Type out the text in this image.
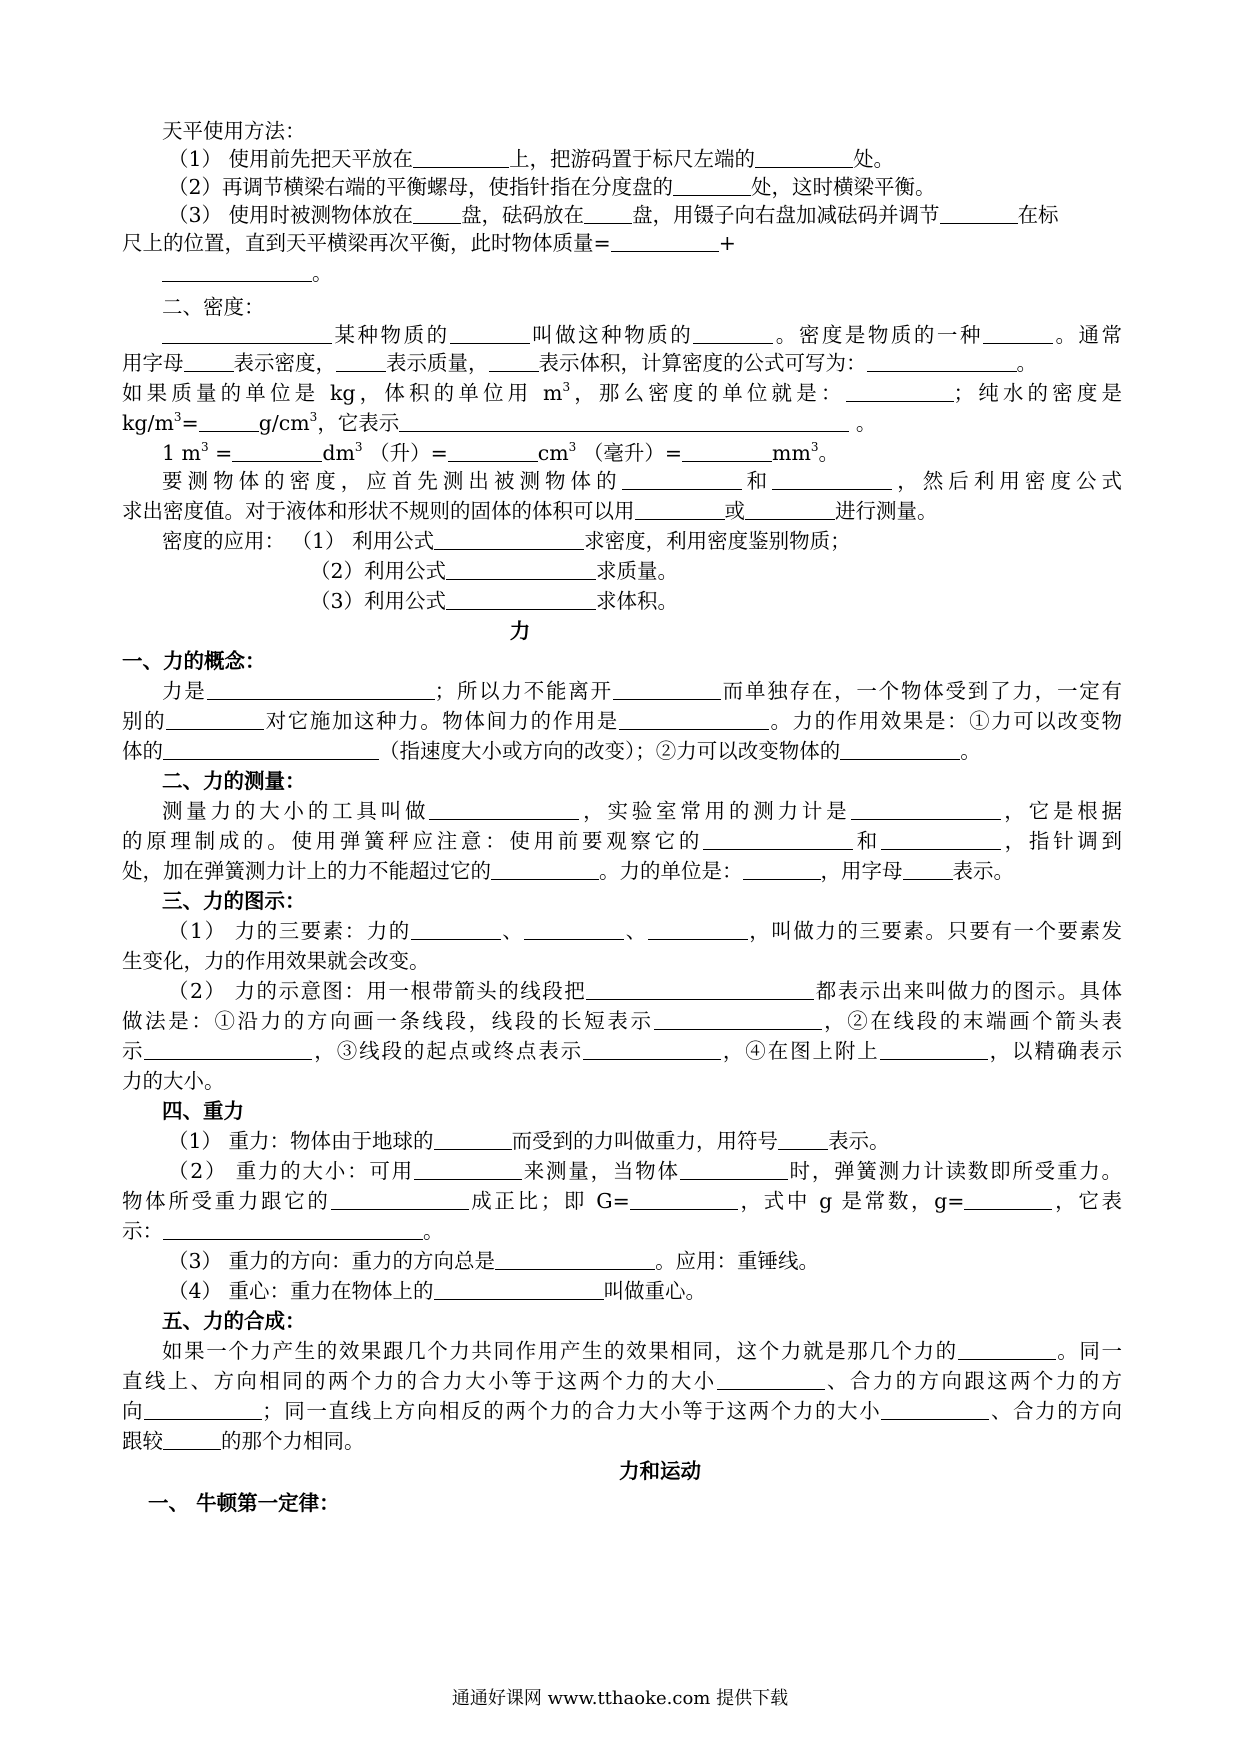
天平使用方法：
（1） 使用前先把天平放在	上，把游码置于标尺左端的	处。
（2）再调节横梁右端的平衡螺母，使指针指在分度盘的	处，这时横梁平衡。
（3） 使用时被测物体放在 盘，砝码放在 盘，用镊子向右盘加减砝码并调节	在标
尺上的位置，直到天平横梁再次平衡，此时物体质量=	+
。
二、密度：
某种物质的	叫做这种物质的	。密度是物质的一种	。通常
用字母 表示密度， 表示质量， 表示体积，计算密度的公式可写为：	。
如果质量的单位是 kg，体积的单位用 $m^3$，那么密度的单位就是：	；纯水的密度是
$kg/m^3=$	$g/cm^3$，它表示	。
1 $m^3$ =	$dm^3$ （升）=	$cm^3$ （毫升）=	$mm^3$。
要测物体的密度，应首先测出被测物体的	和	，然后利用密度公式
求出密度值。对于液体和形状不规则的固体的体积可以用	或	进行测量。
密度的应用： （1） 利用公式	求密度，利用密度鉴别物质；
（2）利用公式	求质量。
（3）利用公式	求体积。
力
一、力的概念：
力是	；所以力不能离开	而单独存在，一个物体受到了力，一定有
别的	对它施加这种力。物体间力的作用是	。力的作用效果是：①力可以改变物
体的	（指速度大小或方向的改变）；②力可以改变物体的	。
二、力的测量：
测量力的大小的工具叫做	，实验室常用的测力计是	，它是根据
的原理制成的。使用弹簧秤应注意：使用前要观察它的	和	，指针调到
处，加在弹簧测力计上的力不能超过它的	。力的单位是：	，用字母 表示。
三、力的图示：
（1） 力的三要素：力的	、	、	，叫做力的三要素。只要有一个要素发
生变化，力的作用效果就会改变。
（2） 力的示意图：用一根带箭头的线段把	都表示出来叫做力的图示。具体
做法是：①沿力的方向画一条线段，线段的长短表示	，②在线段的末端画个箭头表
示	，③线段的起点或终点表示	，④在图上附上	，以精确表示
力的大小。
四、重力
（1） 重力：物体由于地球的	而受到的力叫做重力，用符号 表示。
（2） 重力的大小：可用	来测量，当物体	时，弹簧测力计读数即所受重力。
物体所受重力跟它的	成正比；即 G=	，式中 g 是常数，g=	，它表
示：	。
（3） 重力的方向：重力的方向总是	。应用：重锤线。
（4） 重心：重力在物体上的	叫做重心。
五、力的合成：
如果一个力产生的效果跟几个力共同作用产生的效果相同，这个力就是那几个力的	。同一
直线上、方向相同的两个力的合力大小等于这两个力的大小	、合力的方向跟这两个力的方
向	；同一直线上方向相反的两个力的合力大小等于这两个力的大小	、合力的方向
跟较	的那个力相同。
力和运动
一、 牛顿第一定律：
通通好课网 www.tthaoke.com 提供下载
